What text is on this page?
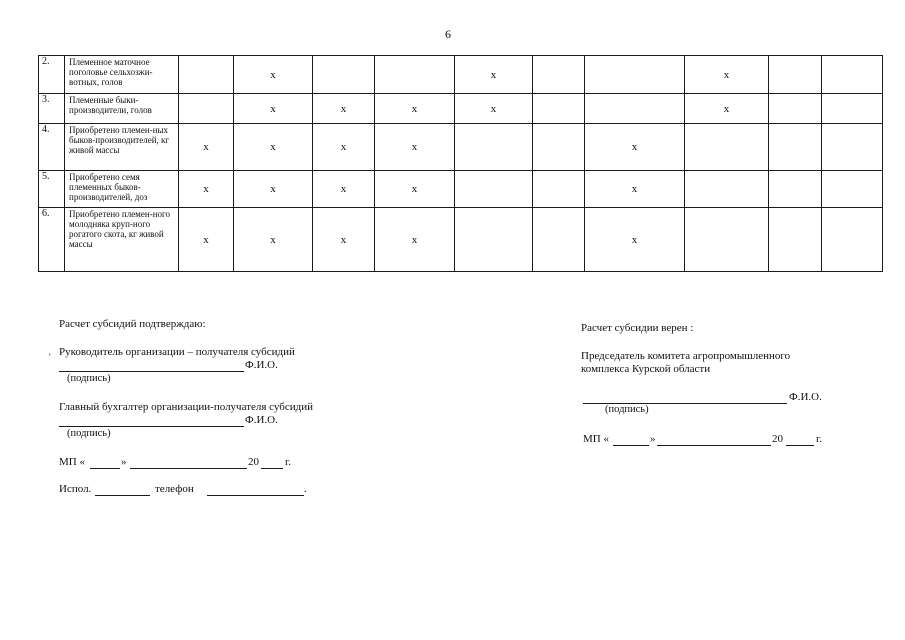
6
2.	Племенное маточное поголовье сельхозжи-вотных, голов		x			x			x		
3.	Племенные быки-производители, голов		x	x	x	x			x		
4.	Приобретено племен-ных быков-производителей, кг живой массы	x	x	x	x			x			
5.	Приобретено семя племенных быков-производителей, доз	x	x	x	x			x			
6.	Приобретено племен-ного молодняка круп-ного рогатого скота, кг живой массы	x	x	x	x			x			
Расчет субсидий подтверждаю:
' Руководитель организации – получателя субсидий
Ф.И.О.
(подпись)
Главный бухгалтер организации-получателя субсидий
Ф.И.О.
(подпись)
МП «	»	20 г.
Испол.	телефон	.
Расчет субсидии верен :
Председатель комитета агропромышленного
комплекса Курской области
Ф.И.О.
(подпись)
МП «	»	20	г.
